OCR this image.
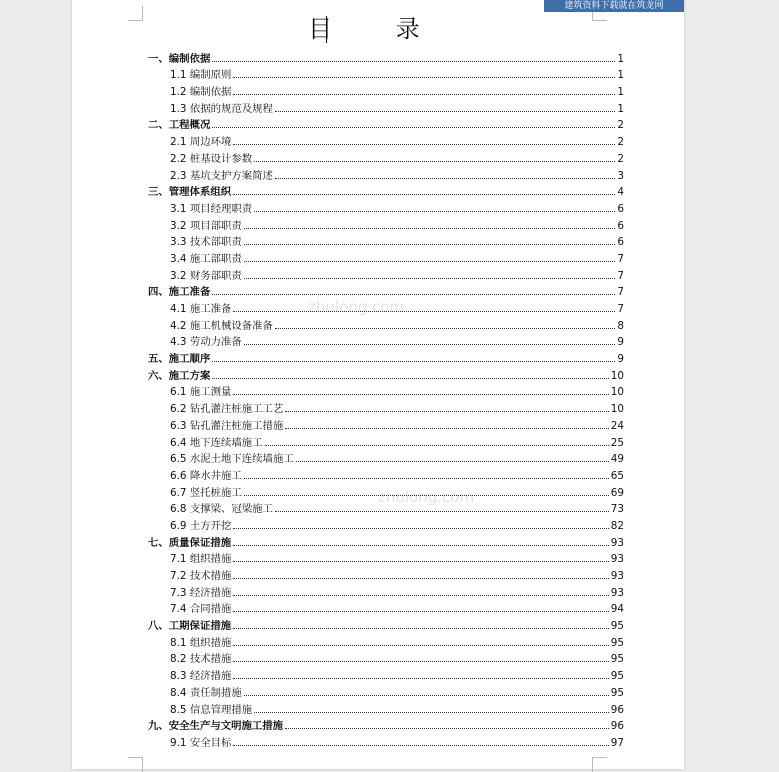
建筑资料下载就在筑龙网
目 录
zhulong.com
zhulong.com
一、编制依据	1
1.1 编制原则	1
1.2 编制依据	1
1.3 依据的规范及规程	1
二、工程概况	2
2.1 周边环境	2
2.2 桩基设计参数	2
2.3 基坑支护方案简述	3
三、管理体系组织	4
3.1 项目经理职责	6
3.2 项目部职责	6
3.3 技术部职责	6
3.4 施工部职责	7
3.2 财务部职责	7
四、施工准备	7
4.1 施工准备	7
4.2 施工机械设备准备	8
4.3 劳动力准备	9
五、施工顺序	9
六、施工方案	10
6.1 施工测量	10
6.2 钻孔灌注桩施工工艺	10
6.3 钻孔灌注桩施工措施	24
6.4 地下连续墙施工	25
6.5 水泥土地下连续墙施工	49
6.6 降水井施工	65
6.7 竖托桩施工	69
6.8 支撑梁、冠梁施工	73
6.9 土方开挖	82
七、质量保证措施	93
7.1 组织措施	93
7.2 技术措施	93
7.3 经济措施	93
7.4 合同措施	94
八、工期保证措施	95
8.1 组织措施	95
8.2 技术措施	95
8.3 经济措施	95
8.4 责任制措施	95
8.5 信息管理措施	96
九、安全生产与文明施工措施	96
9.1 安全目标	97
